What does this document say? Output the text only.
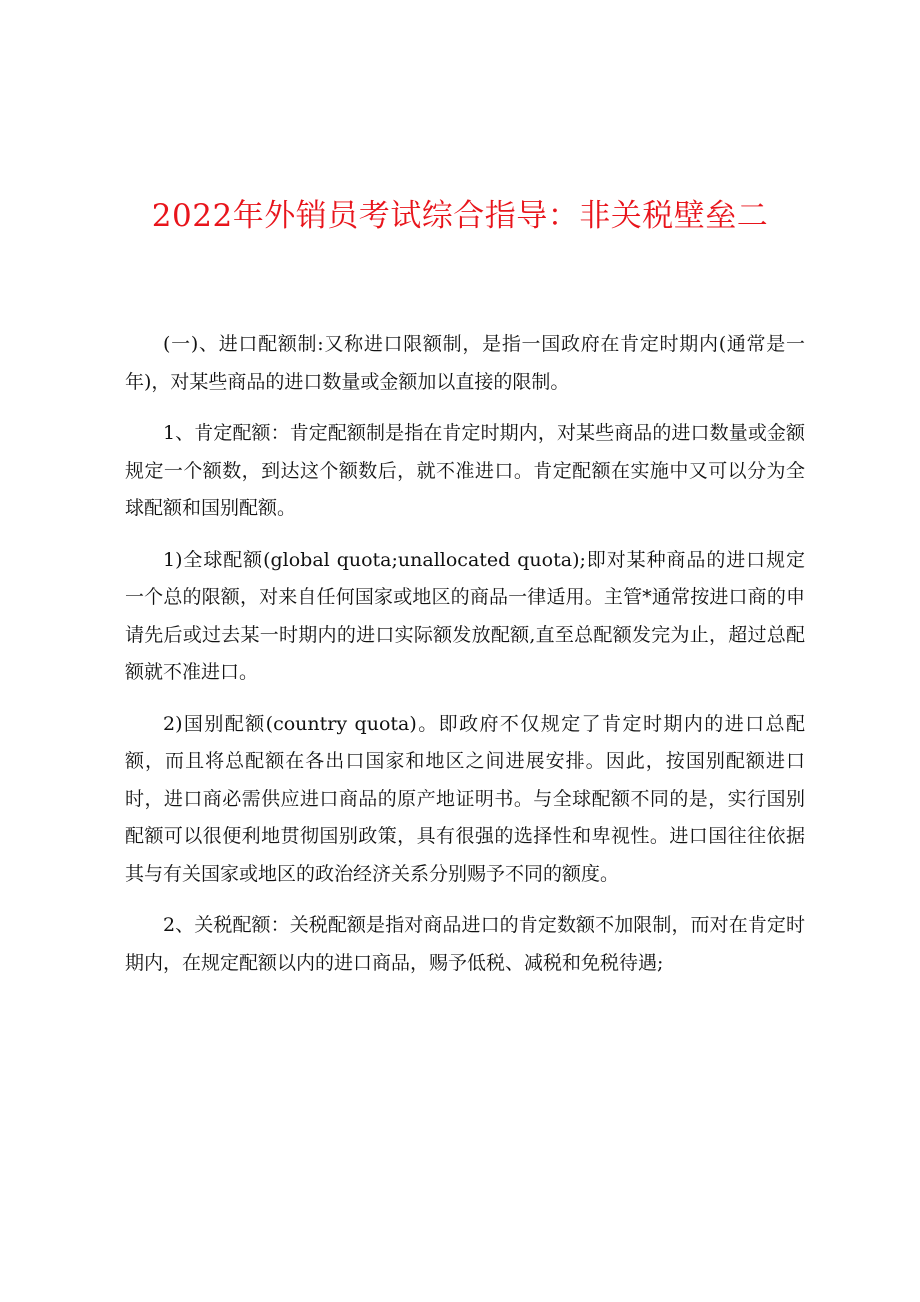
2022年外销员考试综合指导：非关税壁垒二

(一)、进口配额制:又称进口限额制，是指一国政府在肯定时期内(通常是一年)，对某些商品的进口数量或金额加以直接的限制。

1、肯定配额：肯定配额制是指在肯定时期内，对某些商品的进口数量或金额规定一个额数，到达这个额数后，就不准进口。肯定配额在实施中又可以分为全球配额和国别配额。

1)全球配额(global quota;unallocated quota);即对某种商品的进口规定一个总的限额，对来自任何国家或地区的商品一律适用。主管*通常按进口商的申请先后或过去某一时期内的进口实际额发放配额,直至总配额发完为止，超过总配额就不准进口。

2)国别配额(country quota)。即政府不仅规定了肯定时期内的进口总配额，而且将总配额在各出口国家和地区之间进展安排。因此，按国别配额进口时，进口商必需供应进口商品的原产地证明书。与全球配额不同的是，实行国别配额可以很便利地贯彻国别政策，具有很强的选择性和卑视性。进口国往往依据其与有关国家或地区的政治经济关系分别赐予不同的额度。

2、关税配额：关税配额是指对商品进口的肯定数额不加限制，而对在肯定时期内，在规定配额以内的进口商品，赐予低税、减税和免税待遇;
